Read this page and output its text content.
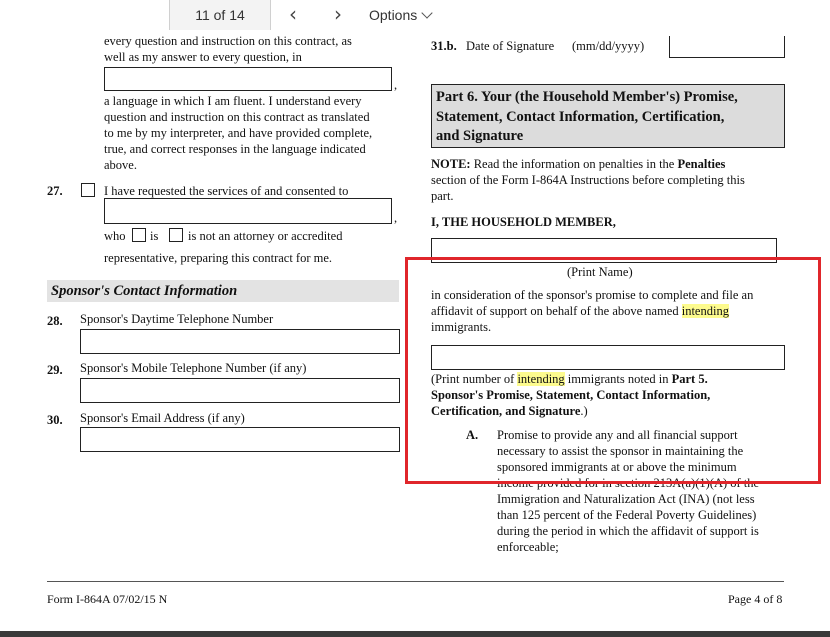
11 of 14	‹	›	Options
every question and instruction on this contract, as
well as my answer to every question, in
,
a language in which I am fluent. I understand every
question and instruction on this contract as translated
to me by my interpreter, and have provided complete,
true, and correct responses in the language indicated
above.
27.	I have requested the services of and consented to
,
who is is not an attorney or accredited
representative, preparing this contract for me.
Sponsor's Contact Information
28. Sponsor's Daytime Telephone Number
29. Sponsor's Mobile Telephone Number (if any)
30. Sponsor's Email Address (if any)
31.b. Date of Signature (mm/dd/yyyy)
Part 6. Your (the Household Member's) Promise,
Statement, Contact Information, Certification,
and Signature
NOTE: Read the information on penalties in the Penalties
section of the Form I-864A Instructions before completing this
part.
I, THE HOUSEHOLD MEMBER,
(Print Name)
in consideration of the sponsor's promise to complete and file an
affidavit of support on behalf of the above named intending
immigrants.
(Print number of intending immigrants noted in Part 5.
Sponsor's Promise, Statement, Contact Information,
Certification, and Signature.)
A. Promise to provide any and all financial support
necessary to assist the sponsor in maintaining the
sponsored immigrants at or above the minimum
income provided for in section 213A(a)(1)(A) of the
Immigration and Naturalization Act (INA) (not less
than 125 percent of the Federal Poverty Guidelines)
during the period in which the affidavit of support is
enforceable;
Form I-864A 07/02/15 N	Page 4 of 8
